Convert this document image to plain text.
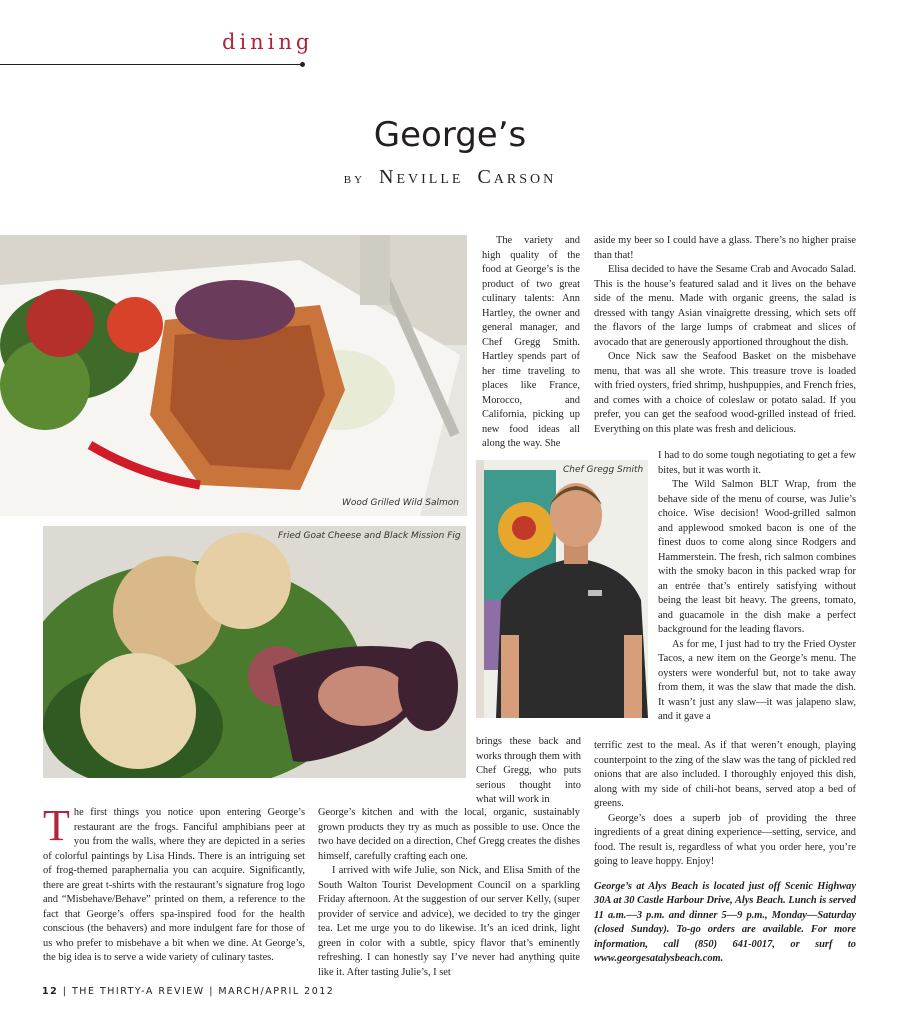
dining
George’s
by NEVILLE CARSON
Wood Grilled Wild Salmon
Fried Goat Cheese and Black Mission Fig
Chef Gregg Smith

The variety and high quality of the food at George’s is the product of two great culinary talents: Ann Hartley, the owner and general manager, and Chef Gregg Smith. Hartley spends part of her time traveling to places like France, Morocco, and California, picking up new food ideas all along the way. She

brings these back and works through them with Chef Gregg, who puts serious thought into what will work in

The first things you notice upon entering George’s restaurant are the frogs. Fanciful amphibians peer at you from the walls, where they are depicted in a series of colorful paintings by Lisa Hinds. There is an intriguing set of frog-themed paraphernalia you can acquire. Significantly, there are great t-shirts with the restaurant’s signature frog logo and “Misbehave/Behave” printed on them, a reference to the fact that George’s offers spa-inspired food for the health conscious (the behavers) and more indulgent fare for those of us who prefer to misbehave a bit when we dine. At George’s, the big idea is to serve a wide variety of culinary tastes.

George’s kitchen and with the local, organic, sustainably grown products they try as much as possible to use. Once the two have decided on a direction, Chef Gregg creates the dishes himself, carefully crafting each one.

I arrived with wife Julie, son Nick, and Elisa Smith of the South Walton Tourist Development Council on a sparkling Friday afternoon. At the suggestion of our server Kelly, (super provider of service and advice), we decided to try the ginger tea. Let me urge you to do likewise. It’s an iced drink, light green in color with a subtle, spicy flavor that’s eminently refreshing. I can honestly say I’ve never had anything quite like it. After tasting Julie’s, I set

aside my beer so I could have a glass. There’s no higher praise than that!

Elisa decided to have the Sesame Crab and Avocado Salad. This is the house’s featured salad and it lives on the behave side of the menu. Made with organic greens, the salad is dressed with tangy Asian vinaigrette dressing, which sets off the flavors of the large lumps of crabmeat and slices of avocado that are generously apportioned throughout the dish.

Once Nick saw the Seafood Basket on the misbehave menu, that was all she wrote. This treasure trove is loaded with fried oysters, fried shrimp, hushpuppies, and French fries, and comes with a choice of coleslaw or potato salad. If you prefer, you can get the seafood wood-grilled instead of fried. Everything on this plate was fresh and delicious.

I had to do some tough negotiating to get a few bites, but it was worth it.

The Wild Salmon BLT Wrap, from the behave side of the menu of course, was Julie’s choice. Wise decision! Wood-grilled salmon and applewood smoked bacon is one of the finest duos to come along since Rodgers and Hammerstein. The fresh, rich salmon combines with the smoky bacon in this packed wrap for an entrée that’s entirely satisfying without being the least bit heavy. The greens, tomato, and guacamole in the dish make a perfect background for the leading flavors.

As for me, I just had to try the Fried Oyster Tacos, a new item on the George’s menu. The oysters were wonderful but, not to take away from them, it was the slaw that made the dish. It wasn’t just any slaw—it was jalapeno slaw, and it gave a

terrific zest to the meal. As if that weren’t enough, playing counterpoint to the zing of the slaw was the tang of pickled red onions that are also included. I thoroughly enjoyed this dish, along with my side of chili-hot beans, served atop a bed of greens.

George’s does a superb job of providing the three ingredients of a great dining experience—setting, service, and food. The result is, regardless of what you order here, you’re going to leave hoppy. Enjoy!

George’s at Alys Beach is located just off Scenic Highway 30A at 30 Castle Harbour Drive, Alys Beach. Lunch is served 11 a.m.—3 p.m. and dinner 5—9 p.m., Monday—Saturday (closed Sunday). To-go orders are available. For more information, call (850) 641-0017, or surf to www.georgesatalysbeach.com.

12 | THE THIRTY-A REVIEW | MARCH/APRIL 2012
